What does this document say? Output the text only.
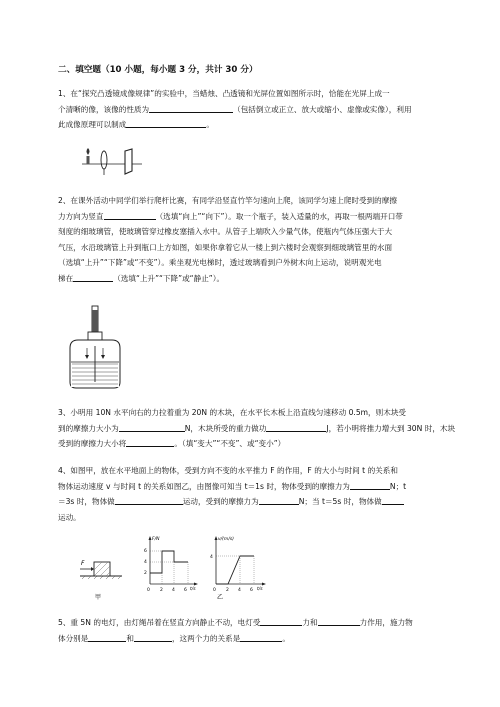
二、填空题（10 小题，每小题 3 分，共计 30 分）
1、在“探究凸透镜成像规律”的实验中，当蜡烛、凸透镜和光屏位置如图所示时，恰能在光屏上成一
个清晰的像，该像的性质为	（包括倒立或正立、放大或缩小、虚像或实像），利用
此成像原理可以制成	。
2、在课外活动中同学们举行爬杆比赛，有同学沿竖直竹竿匀速向上爬，该同学匀速上爬时受到的摩擦
力方向为竖直	（选填“向上”“向下”）。取一个瓶子，装入适量的水，再取一根两端开口带
刻度的细玻璃管，使玻璃管穿过橡皮塞插入水中。从管子上端吹入少量气体，使瓶内气体压强大于大
气压，水沿玻璃管上升到瓶口上方如图，如果你拿着它从一楼上到六楼时会观察到细玻璃管里的水面
（选填“上升”“下降”或“不变”）。乘坐观光电梯时，透过玻璃看到户外树木向上运动，说明观光电
梯在	（选填“上升”“下降”或“静止”）。
3、小明用 10N 水平向右的力拉着重为 20N 的木块，在水平长木板上沿直线匀速移动 0.5m，则木块受
到的摩擦力大小为	N，木块所受的重力做功	J，若小明将推力增大到 30N 时，木块
受到的摩擦力大小将	。（填“变大”“不变”、或“变小”）
4、如图甲，放在水平地面上的物体，受到方向不变的水平推力 F 的作用，F 的大小与时间 t 的关系和
物体运动速度 v 与时间 t 的关系如图乙，由图像可知当 t＝1s 时，物体受到的摩擦力为	N；t
＝3s 时，物体做	运动，受到的摩擦力为	N；当 t＝5s 时，物体做
运动。
F
甲
F/N
t/s
6
4
2
0 2 4 6
v/(m/s)
t/s
4
0 2 4 6
乙
5、重 5N 的电灯，由灯绳吊着在竖直方向静止不动，电灯受	力和	力作用，施力物
体分别是	和	，这两个力的关系是	。
